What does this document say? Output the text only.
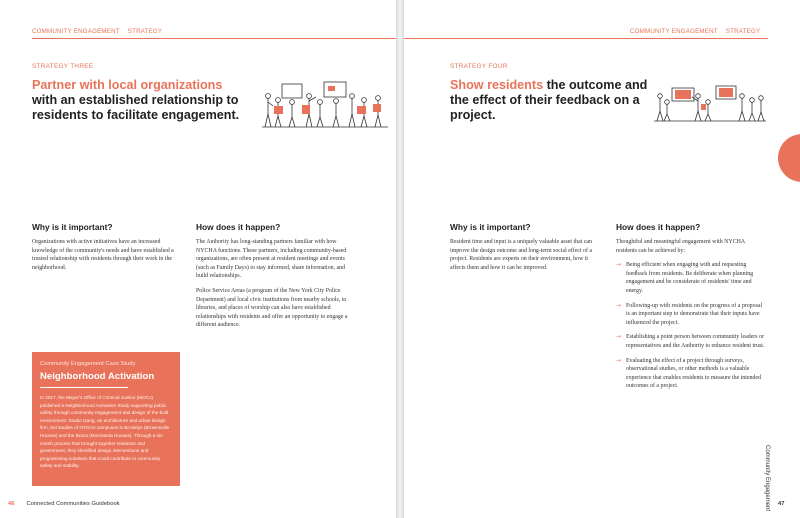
COMMUNITY ENGAGEMENT STRATEGY
STRATEGY THREE
Partner with local organizations with an established relationship to residents to facilitate engagement.
Why is it important?

Organizations with active initiatives have an increased knowledge of the community's needs and have established a trusted relationship with residents through their work in the neighborhood.

How does it happen?

The Authority has long-standing partners familiar with how NYCHA functions. These partners, including community-based organizations, are often present at resident meetings and events (such as Family Days) to stay informed, share information, and build relationships.

Police Service Areas (a program of the New York City Police Department) and local civic institutions from nearby schools, to libraries, and places of worship can also have established relationships with residents and offer an opportunity to engage a different audience.

Community Engagement Case Study
Neighborhood Activation
In 2017, the Mayor's Office of Criminal Justice (MOCJ) published a Neighborhood Activation Study supporting public safety through community engagement and design of the built environment. Studio Gang, an architecture and urban design firm, led studies of NYCHA campuses in Brooklyn (Brownsville Houses) and the Bronx (Morrisania Houses). Through a six-month process that brought together residents and government, they identified design interventions and programming solutions that could contribute to community safety and stability.
46 Connected Communities Guidebook
COMMUNITY ENGAGEMENT STRATEGY
STRATEGY FOUR
Show residents the outcome and the effect of their feedback on a project.
Why is it important?

Resident time and input is a uniquely valuable asset that can improve the design outcome and long-term social effect of a project. Residents are experts on their environment, how it affects them and how it can be improved.

How does it happen?

Thoughtful and meaningful engagement with NYCHA residents can be achieved by:

→ Being efficient when engaging with and requesting feedback from residents. Be deliberate when planning engagement and be considerate of residents' time and energy.
→ Following-up with residents on the progress of a proposal is an important step to demonstrate that their inputs have influenced the project.
→ Establishing a point person between community leaders or representatives and the Authority to enhance resident trust.
→ Evaluating the effect of a project through surveys, observational studies, or other methods is a valuable experience that enables residents to measure the intended outcomes of a project.
Community Engagement 47
